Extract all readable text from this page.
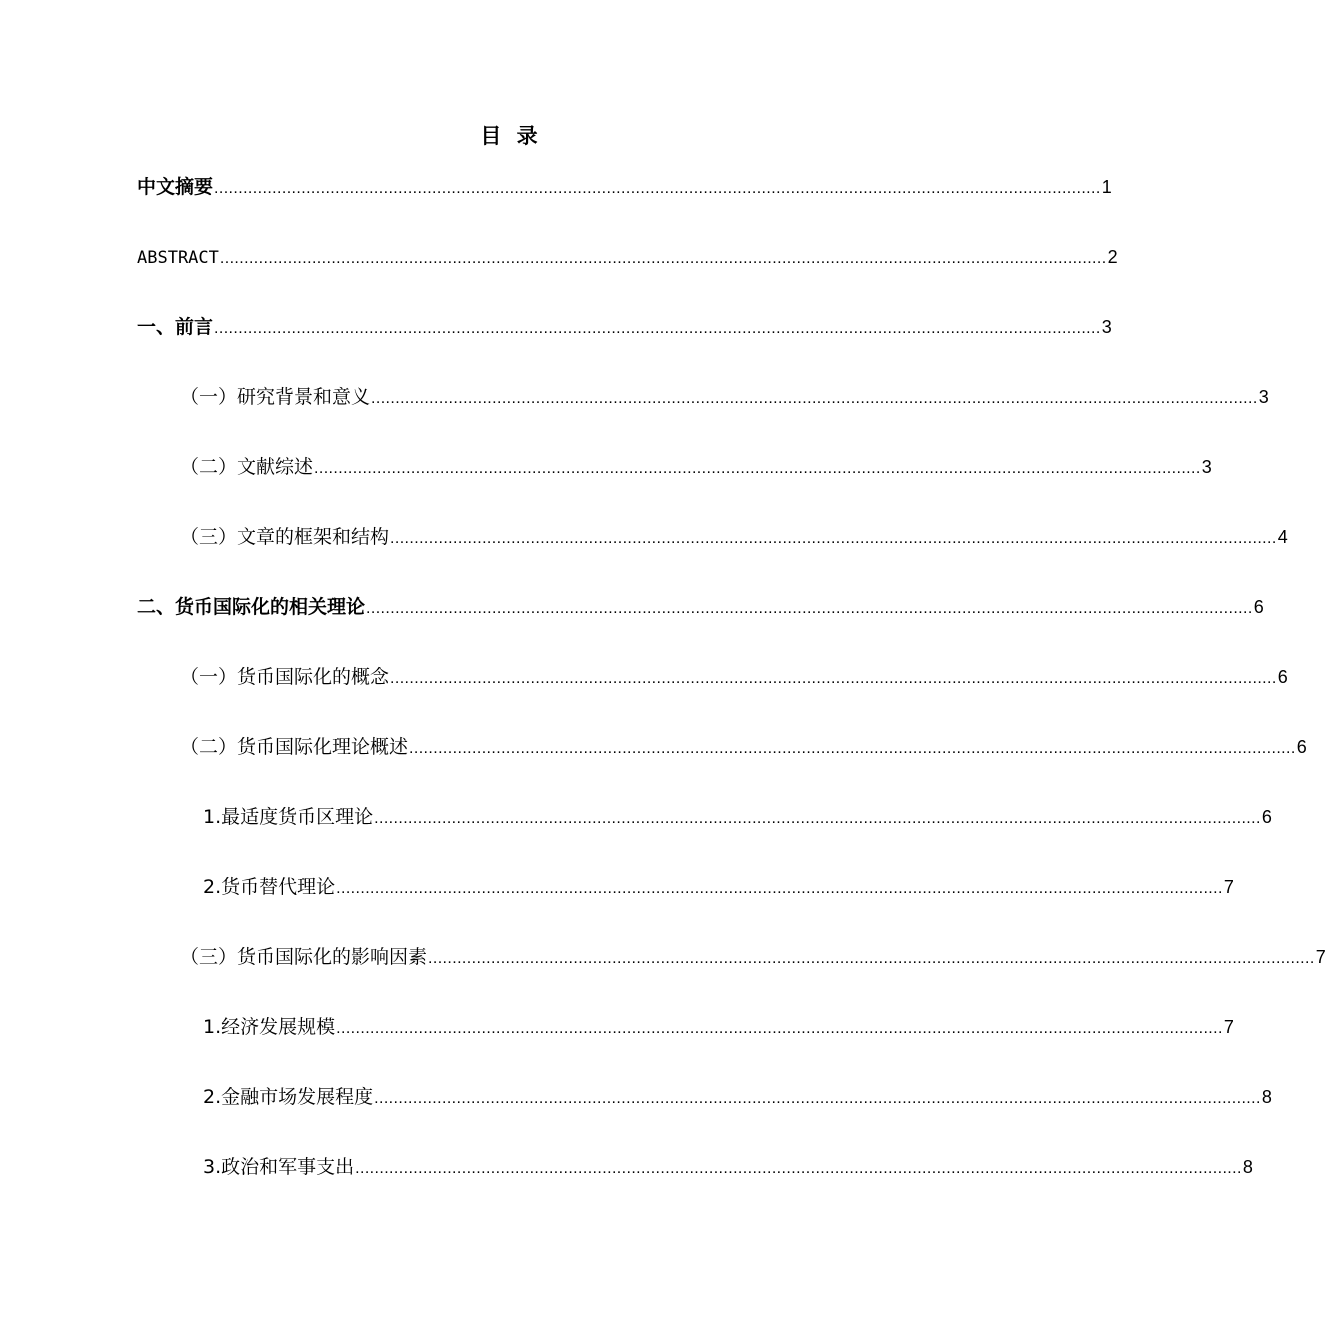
目 录
中文摘要 ....................................................................................................................................................................................... 1
ABSTRACT ....................................................................................................................................................................................... 2
一、前言 ....................................................................................................................................................................................... 3
（一）研究背景和意义 ....................................................................................................................................................................................... 3
（二）文献综述 ....................................................................................................................................................................................... 3
（三）文章的框架和结构 ....................................................................................................................................................................................... 4
二、货币国际化的相关理论 ....................................................................................................................................................................................... 6
（一）货币国际化的概念 ....................................................................................................................................................................................... 6
（二）货币国际化理论概述 ....................................................................................................................................................................................... 6
1.最适度货币区理论 ....................................................................................................................................................................................... 6
2.货币替代理论 ....................................................................................................................................................................................... 7
（三）货币国际化的影响因素 ....................................................................................................................................................................................... 7
1.经济发展规模 ....................................................................................................................................................................................... 7
2.金融市场发展程度 ....................................................................................................................................................................................... 8
3.政治和军事支出 ....................................................................................................................................................................................... 8
